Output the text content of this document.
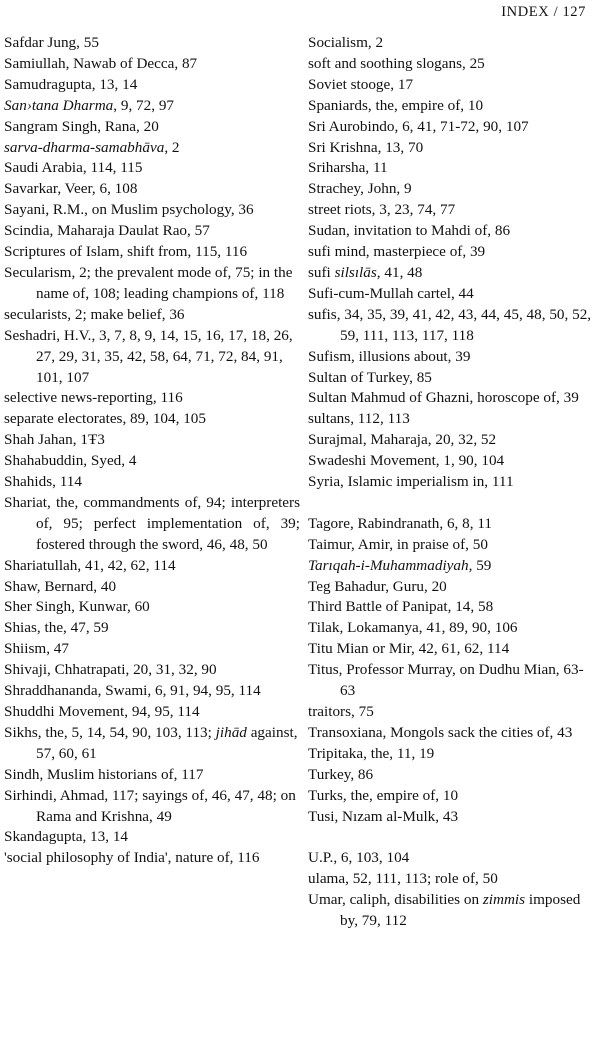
INDEX / 127
Safdar Jung, 55
Samiullah, Nawab of Decca, 87
Samudragupta, 13, 14
San›tana Dharma, 9, 72, 97
Sangram Singh, Rana, 20
sarva-dharma-samabhāva, 2
Saudi Arabia, 114, 115
Savarkar, Veer, 6, 108
Sayani, R.M., on Muslim psychology, 36
Scindia, Maharaja Daulat Rao, 57
Scriptures of Islam, shift from, 115, 116
Secularism, 2; the prevalent mode of, 75; in the name of, 108; leading champions of, 118
secularists, 2; make belief, 36
Seshadri, H.V., 3, 7, 8, 9, 14, 15, 16, 17, 18, 26, 27, 29, 31, 35, 42, 58, 64, 71, 72, 84, 91, 101, 107
selective news-reporting, 116
separate electorates, 89, 104, 105
Shah Jahan, 1Ŧ3
Shahabuddin, Syed, 4
Shahids, 114
Shariat, the, commandments of, 94; interpreters of, 95; perfect implementation of, 39; fostered through the sword, 46, 48, 50
Shariatullah, 41, 42, 62, 114
Shaw, Bernard, 40
Sher Singh, Kunwar, 60
Shias, the, 47, 59
Shiism, 47
Shivaji, Chhatrapati, 20, 31, 32, 90
Shraddhananda, Swami, 6, 91, 94, 95, 114
Shuddhi Movement, 94, 95, 114
Sikhs, the, 5, 14, 54, 90, 103, 113; jihād against, 57, 60, 61
Sindh, Muslim historians of, 117
Sirhindi, Ahmad, 117; sayings of, 46, 47, 48; on Rama and Krishna, 49
Skandagupta, 13, 14
'social philosophy of India', nature of, 116
Socialism, 2
soft and soothing slogans, 25
Soviet stooge, 17
Spaniards, the, empire of, 10
Sri Aurobindo, 6, 41, 71-72, 90, 107
Sri Krishna, 13, 70
Sriharsha, 11
Strachey, John, 9
street riots, 3, 23, 74, 77
Sudan, invitation to Mahdi of, 86
sufi mind, masterpiece of, 39
sufi silsılās, 41, 48
Sufi-cum-Mullah cartel, 44
sufis, 34, 35, 39, 41, 42, 43, 44, 45, 48, 50, 52, 59, 111, 113, 117, 118
Sufism, illusions about, 39
Sultan of Turkey, 85
Sultan Mahmud of Ghazni, horoscope of, 39
sultans, 112, 113
Surajmal, Maharaja, 20, 32, 52
Swadeshi Movement, 1, 90, 104
Syria, Islamic imperialism in, 111
Tagore, Rabindranath, 6, 8, 11
Taimur, Amir, in praise of, 50
Tarıqah-i-Muhammadiyah, 59
Teg Bahadur, Guru, 20
Third Battle of Panipat, 14, 58
Tilak, Lokamanya, 41, 89, 90, 106
Titu Mian or Mir, 42, 61, 62, 114
Titus, Professor Murray, on Dudhu Mian, 63-63
traitors, 75
Transoxiana, Mongols sack the cities of, 43
Tripitaka, the, 11, 19
Turkey, 86
Turks, the, empire of, 10
Tusi, Nızam al-Mulk, 43
U.P., 6, 103, 104
ulama, 52, 111, 113; role of, 50
Umar, caliph, disabilities on zimmis imposed by, 79, 112
